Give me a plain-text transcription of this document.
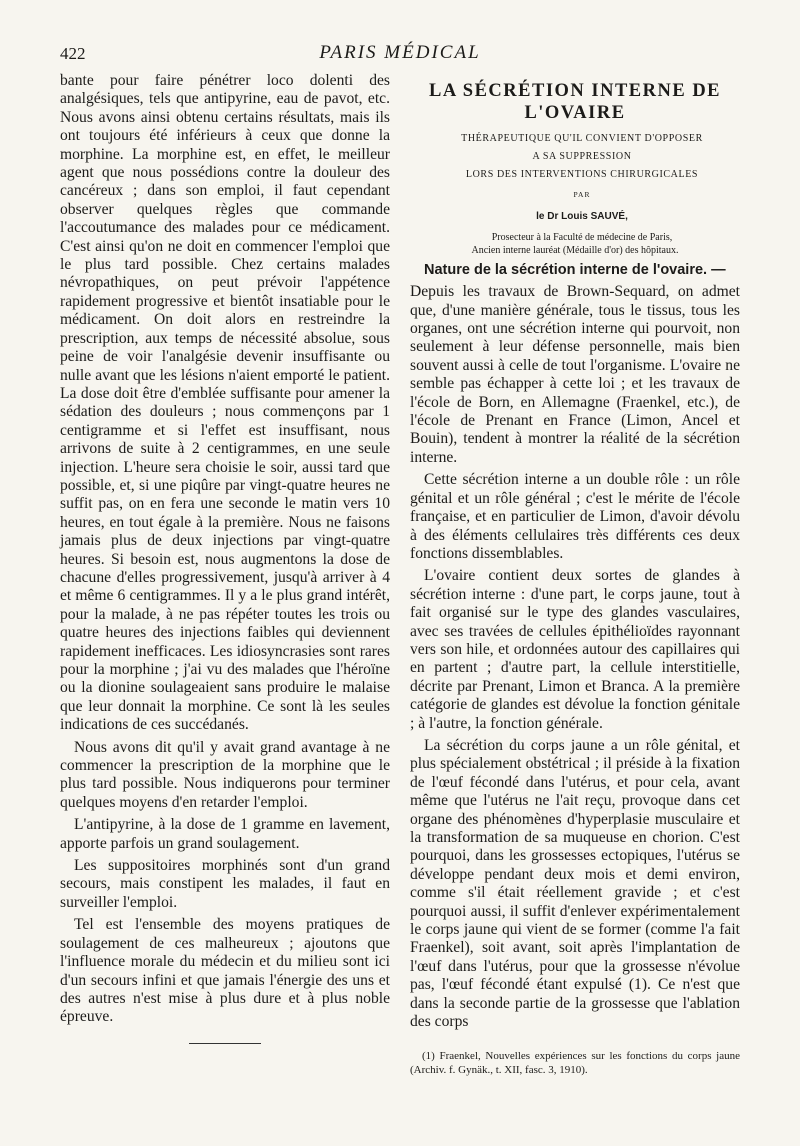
422	PARIS MÉDICAL

bante pour faire pénétrer loco dolenti des analgésiques, tels que antipyrine, eau de pavot, etc. Nous avons ainsi obtenu certains résultats, mais ils ont toujours été inférieurs à ceux que donne la morphine. La morphine est, en effet, le meilleur agent que nous possédions contre la douleur des cancéreux ; dans son emploi, il faut cependant observer quelques règles que commande l'accoutumance des malades pour ce médicament. C'est ainsi qu'on ne doit en commencer l'emploi que le plus tard possible. Chez certains malades névropathiques, on peut prévoir l'appétence rapidement progressive et bientôt insatiable pour le médicament. On doit alors en restreindre la prescription, aux temps de nécessité absolue, sous peine de voir l'analgésie devenir insuffisante ou nulle avant que les lésions n'aient emporté le patient. La dose doit être d'emblée suffisante pour amener la sédation des douleurs ; nous commençons par 1 centigramme et si l'effet est insuffisant, nous arrivons de suite à 2 centigrammes, en une seule injection. L'heure sera choisie le soir, aussi tard que possible, et, si une piqûre par vingt-quatre heures ne suffit pas, on en fera une seconde le matin vers 10 heures, en tout égale à la première. Nous ne faisons jamais plus de deux injections par vingt-quatre heures. Si besoin est, nous augmentons la dose de chacune d'elles progressivement, jusqu'à arriver à 4 et même 6 centigrammes. Il y a le plus grand intérêt, pour la malade, à ne pas répéter toutes les trois ou quatre heures des injections faibles qui deviennent rapidement inefficaces. Les idiosyncrasies sont rares pour la morphine ; j'ai vu des malades que l'héroïne ou la dionine soulageaient sans produire le malaise que leur donnait la morphine. Ce sont là les seules indications de ces succédanés.

Nous avons dit qu'il y avait grand avantage à ne commencer la prescription de la morphine que le plus tard possible. Nous indiquerons pour terminer quelques moyens d'en retarder l'emploi.

L'antipyrine, à la dose de 1 gramme en lavement, apporte parfois un grand soulagement.

Les suppositoires morphinés sont d'un grand secours, mais constipent les malades, il faut en surveiller l'emploi.

Tel est l'ensemble des moyens pratiques de soulagement de ces malheureux ; ajoutons que l'influence morale du médecin et du milieu sont ici d'un secours infini et que jamais l'énergie des uns et des autres n'est mise à plus dure et à plus noble épreuve.

LA SÉCRÉTION INTERNE DE L'OVAIRE

THÉRAPEUTIQUE QU'IL CONVIENT D'OPPOSER

A SA SUPPRESSION

LORS DES INTERVENTIONS CHIRURGICALES

PAR

le Dr Louis SAUVÉ,

Prosecteur à la Faculté de médecine de Paris,
Ancien interne lauréat (Médaille d'or) des hôpitaux.

Nature de la sécrétion interne de l'ovaire. —

Depuis les travaux de Brown-Sequard, on admet que, d'une manière générale, tous le tissus, tous les organes, ont une sécrétion interne qui pourvoit, non seulement à leur défense personnelle, mais bien souvent aussi à celle de tout l'organisme. L'ovaire ne semble pas échapper à cette loi ; et les travaux de l'école de Born, en Allemagne (Fraenkel, etc.), de l'école de Prenant en France (Limon, Ancel et Bouin), tendent à montrer la réalité de la sécrétion interne.

Cette sécrétion interne a un double rôle : un rôle génital et un rôle général ; c'est le mérite de l'école française, et en particulier de Limon, d'avoir dévolu à des éléments cellulaires très différents ces deux fonctions dissemblables.

L'ovaire contient deux sortes de glandes à sécrétion interne : d'une part, le corps jaune, tout à fait organisé sur le type des glandes vasculaires, avec ses travées de cellules épithélioïdes rayonnant vers son hile, et ordonnées autour des capillaires qui en partent ; d'autre part, la cellule interstitielle, décrite par Prenant, Limon et Branca. A la première catégorie de glandes est dévolue la fonction génitale ; à l'autre, la fonction générale.

La sécrétion du corps jaune a un rôle génital, et plus spécialement obstétrical ; il préside à la fixation de l'œuf fécondé dans l'utérus, et pour cela, avant même que l'utérus ne l'ait reçu, provoque dans cet organe des phénomènes d'hyperplasie musculaire et la transformation de sa muqueuse en chorion. C'est pourquoi, dans les grossesses ectopiques, l'utérus se développe pendant deux mois et demi environ, comme s'il était réellement gravide ; et c'est pourquoi aussi, il suffit d'enlever expérimentalement le corps jaune qui vient de se former (comme l'a fait Fraenkel), soit avant, soit après l'implantation de l'œuf dans l'utérus, pour que la grossesse n'évolue pas, l'œuf fécondé étant expulsé (1). Ce n'est que dans la seconde partie de la grossesse que l'ablation des corps

(1) Fraenkel, Nouvelles expériences sur les fonctions du corps jaune (Archiv. f. Gynäk., t. XII, fasc. 3, 1910).
